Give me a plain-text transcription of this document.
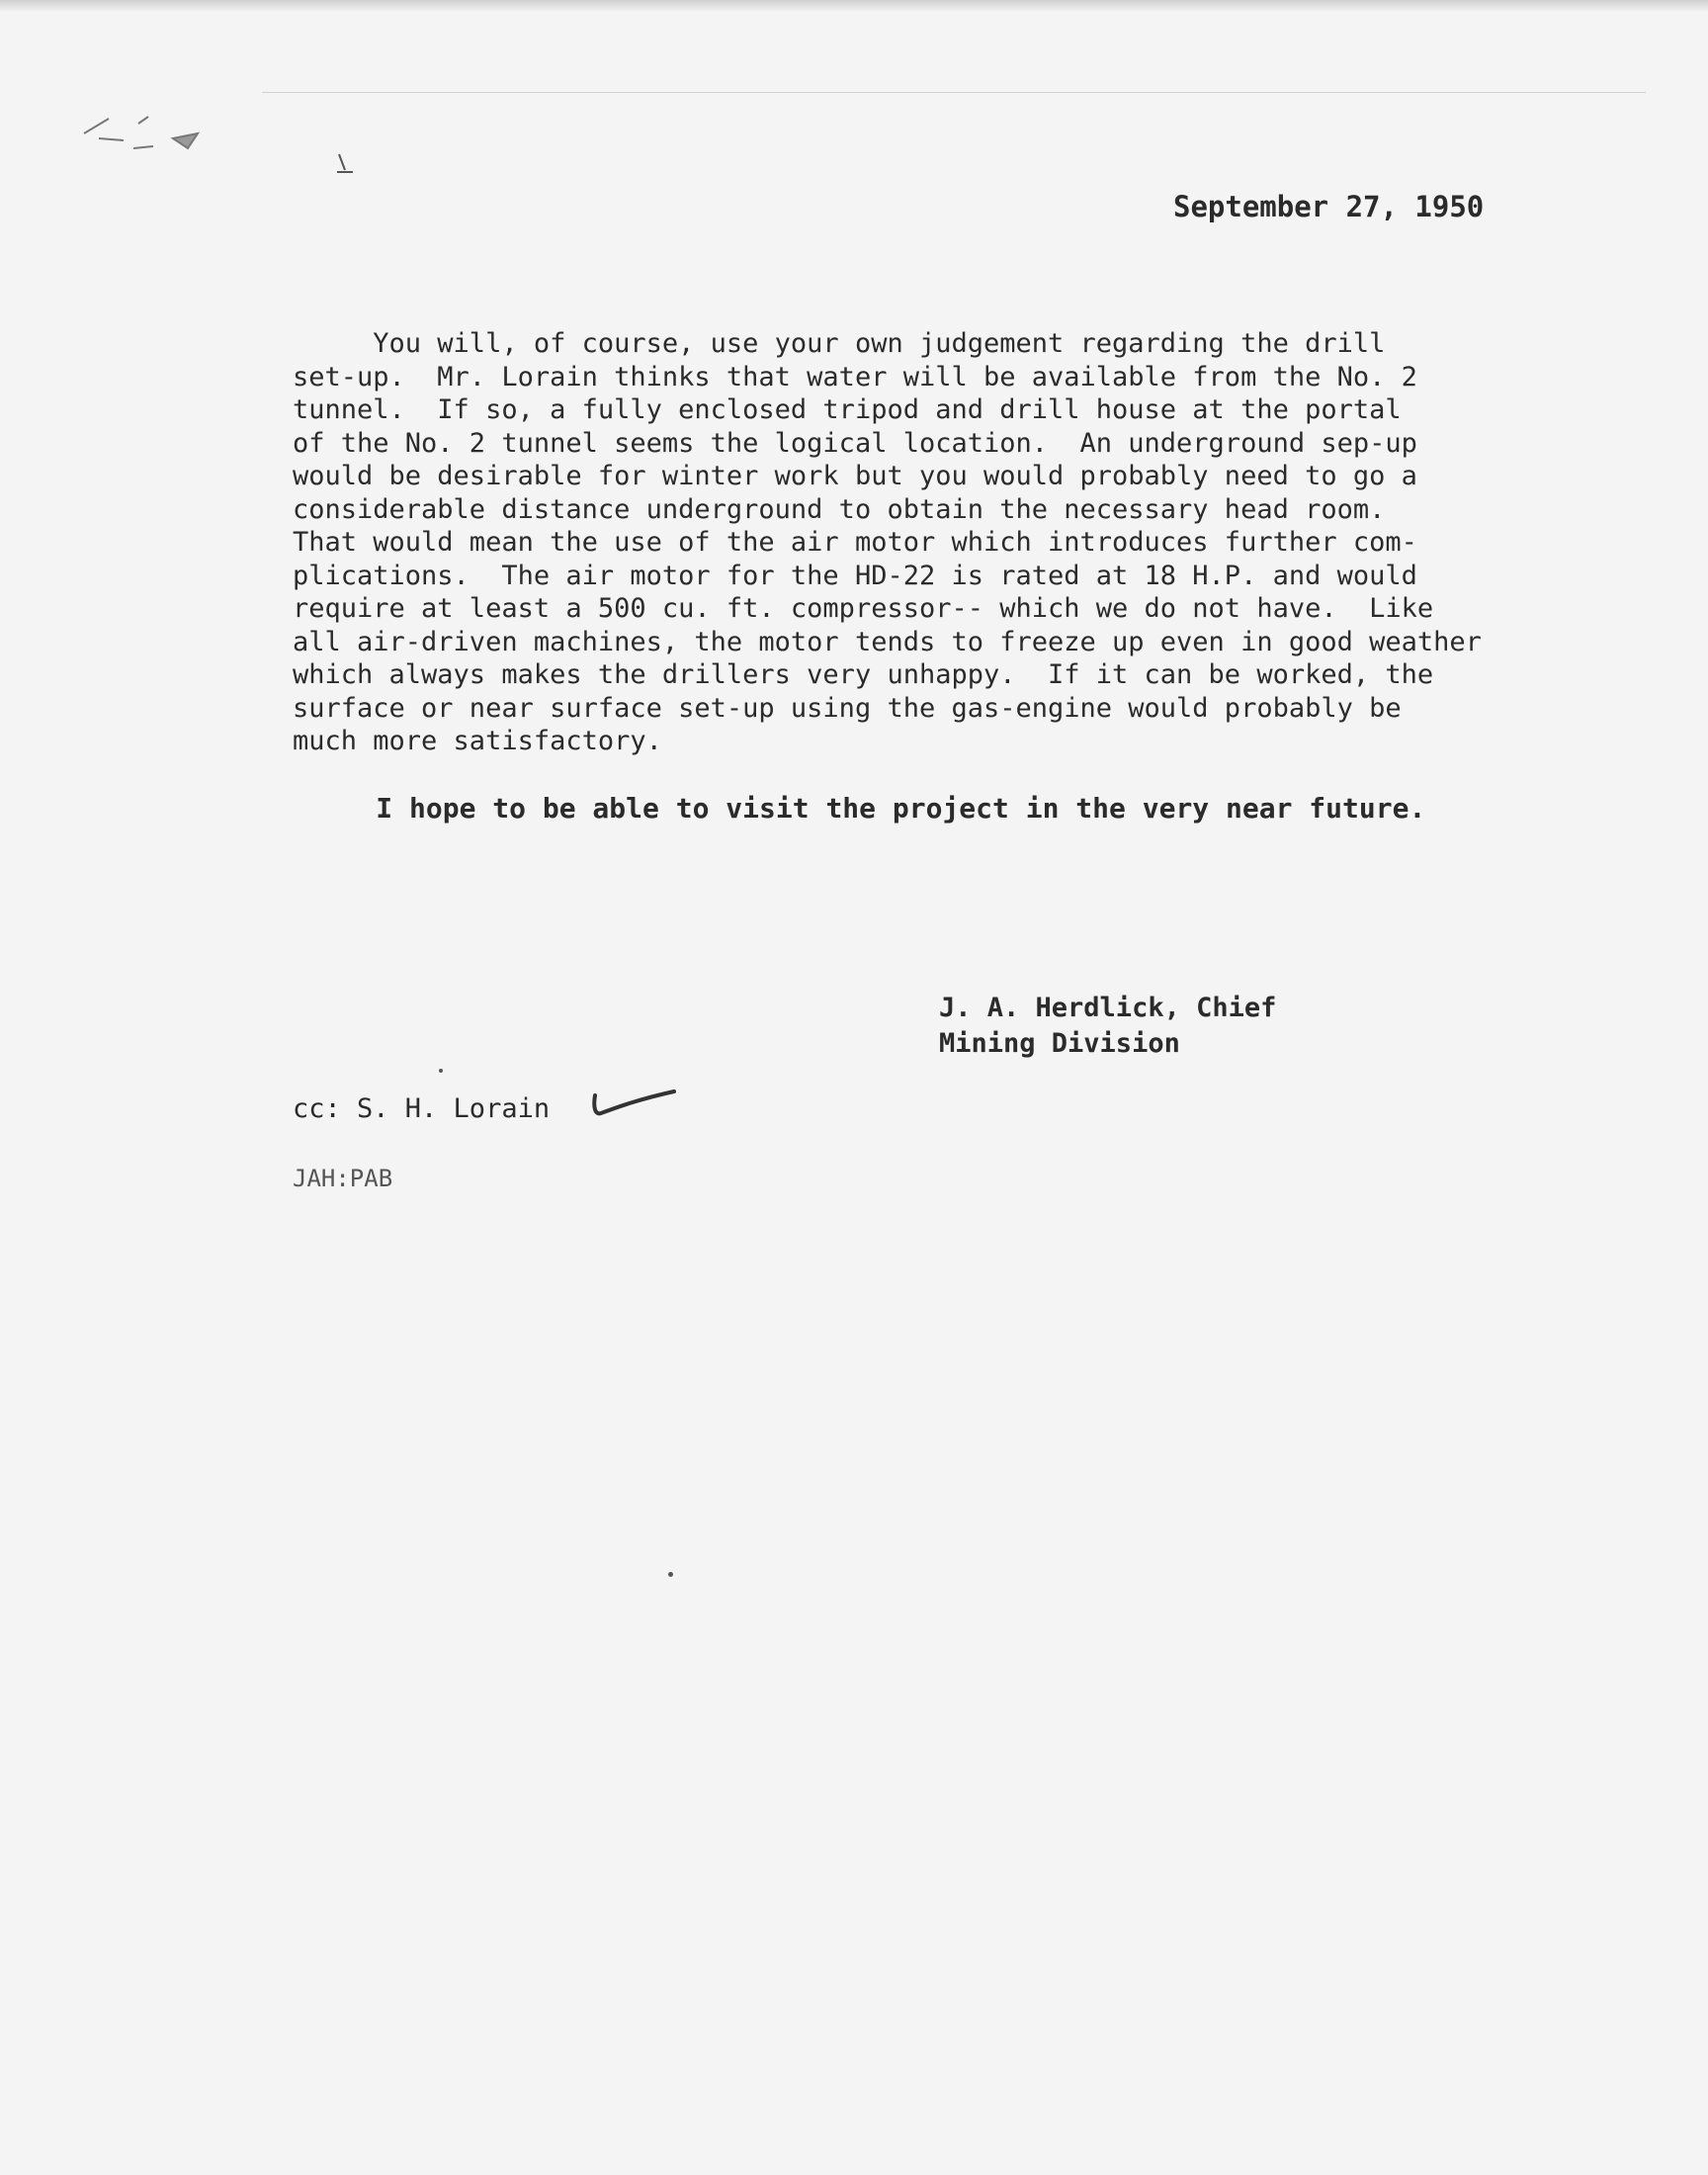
September 27, 1950
You will, of course, use your own judgement regarding the drill
set-up.  Mr. Lorain thinks that water will be available from the No. 2
tunnel.  If so, a fully enclosed tripod and drill house at the portal
of the No. 2 tunnel seems the logical location.  An underground sep-up
would be desirable for winter work but you would probably need to go a
considerable distance underground to obtain the necessary head room.
That would mean the use of the air motor which introduces further com-
plications.  The air motor for the HD-22 is rated at 18 H.P. and would
require at least a 500 cu. ft. compressor-- which we do not have.  Like
all air-driven machines, the motor tends to freeze up even in good weather
which always makes the drillers very unhappy.  If it can be worked, the
surface or near surface set-up using the gas-engine would probably be
much more satisfactory.
I hope to be able to visit the project in the very near future.
J. A. Herdlick, Chief
Mining Division
cc: S. H. Lorain
JAH:PAB
